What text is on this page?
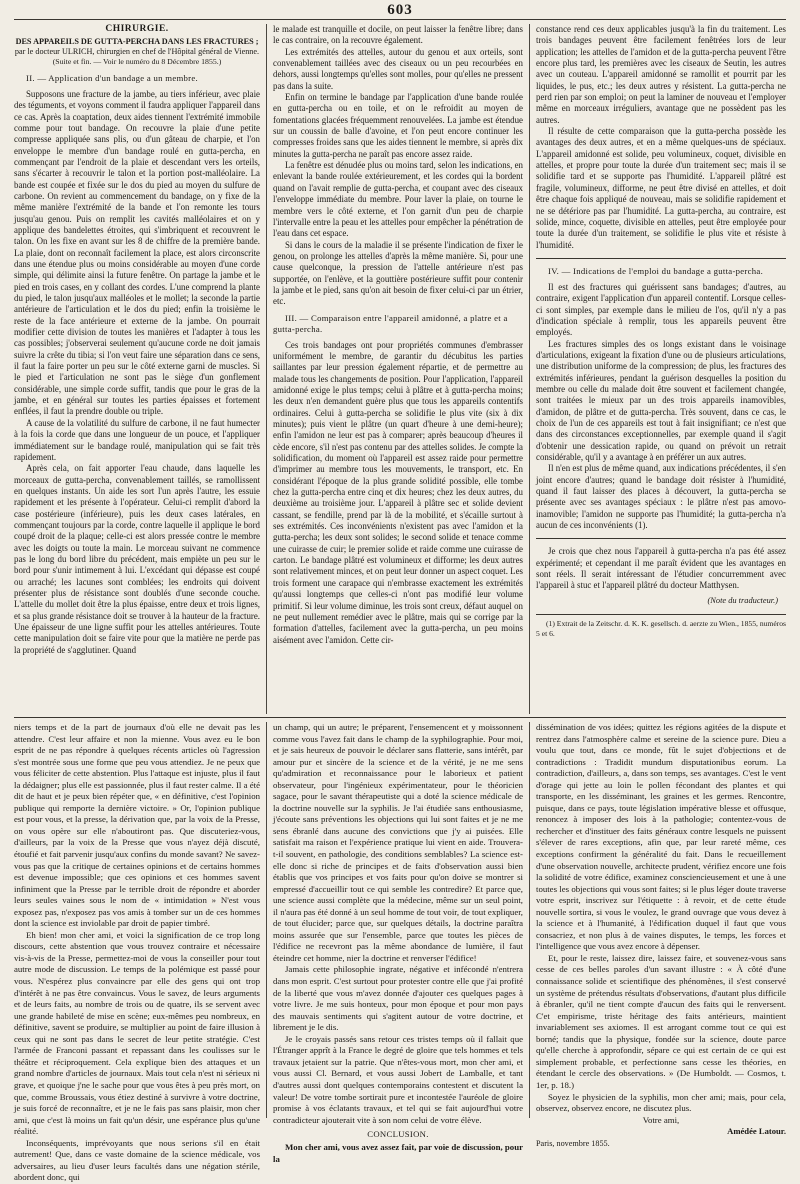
603
CHIRURGIE.
DES APPAREILS DE GUTTA-PERCHA DANS LES FRACTURES ;
par le docteur ULRICH, chirurgien en chef de l'Hôpital général de Vienne.
(Suite et fin. — Voir le numéro du 8 Décembre 1855.)
II. — Application d'un bandage a un membre.

Supposons une fracture de la jambe, au tiers inférieur, avec plaie des téguments, et voyons comment il faudra appliquer l'appareil dans ce cas. Après la coaptation, deux aides tiennent l'extrémité immobile comme pour tout bandage. On recouvre la plaie d'une petite compresse appliquée sans plis, ou d'un gâteau de charpie, et l'on enveloppe le membre d'un bandage roulé en gutta-percha, en commençant par l'endroit de la plaie et descendant vers les orteils, sans s'écarter à recouvrir le talon et la portion post-malléolaire. La bande est coupée et fixée sur le dos du pied au moyen du sulfure de carbone. On revient au commencement du bandage, on y fixe de la même manière l'extrémité de la bande et l'on remonte les tours jusqu'au genou. Puis on remplit les cavités malléolaires et on y applique des bandelettes étroites, qui s'imbriquent et recouvrent le talon. On les fixe en avant sur les 8 de chiffre de la première bande. La plaie, dont on reconnaît facilement la place, est alors circonscrite dans une étendue plus ou moins considérable au moyen d'une corde simple, qui délimite ainsi la future fenêtre. On partage la jambe et le pied en trois cases, en y collant des cordes. L'une comprend la plante du pied, le talon jusqu'aux malléoles et le mollet; la seconde la partie antérieure de l'articulation et le dos du pied; enfin la troisième le reste de la face antérieure et externe de la jambe. On pourrait modifier cette division de toutes les manières et l'adapter à tous les cas possibles; j'observerai seulement qu'aucune corde ne doit jamais suivre la crête du tibia; si l'on veut faire une séparation dans ce sens, il faut la faire porter un peu sur le côté externe garni de muscles. Si le pied et l'articulation ne sont pas le siège d'un gonflement considérable, une simple corde suffit, tandis que pour le gras de la jambe, et en général sur toutes les parties épaisses et fortement enflées, il faut la prendre double ou triple.

A cause de la volatilité du sulfure de carbone, il ne faut humecter à la fois la corde que dans une longueur de un pouce, et l'appliquer immédiatement sur le bandage roulé, manipulation qui se fait très rapidement.

Après cela, on fait apporter l'eau chaude, dans laquelle les morceaux de gutta-percha, convenablement taillés, se ramollissent en quelques instants. Un aide les sort l'un après l'autre, les essuie rapidement et les présente à l'opérateur. Celui-ci remplit d'abord la case postérieure (inférieure), puis les deux cases latérales, en commençant toujours par la corde, contre laquelle il applique le bord coupé droit de la plaque; celle-ci est alors pressée contre le membre avec les doigts ou toute la main. Le morceau suivant ne commence pas le long du bord libre du précédent, mais empiète un peu sur le bord pour s'unir intimement à lui. L'excédant qui dépasse est coupé ou arraché; les lacunes sont comblées; les endroits qui doivent présenter plus de résistance sont doublés d'une seconde couche. L'attelle du mollet doit être la plus épaisse, entre deux et trois lignes, et sa plus grande résistance doit se trouver à la hauteur de la fracture. Une épaisseur de une ligne suffit pour les attelles antérieures. Toute cette manipulation doit se faire vite pour que la matière ne perde pas la propriété de s'agglutiner. Quand

le malade est tranquille et docile, on peut laisser la fenêtre libre; dans le cas contraire, on la recouvre également.

Les extrémités des attelles, autour du genou et aux orteils, sont convenablement taillées avec des ciseaux ou un peu recourbées en dehors, aussi longtemps qu'elles sont molles, pour qu'elles ne pressent pas dans la suite.

Enfin on termine le bandage par l'application d'une bande roulée en gutta-percha ou en toile, et on le refroidit au moyen de fomentations glacées fréquemment renouvelées. La jambe est étendue sur un coussin de balle d'avoine, et l'on peut encore continuer les compresses froides sans que les aides tiennent le membre, si après dix minutes la gutta-percha ne paraît pas encore assez raide.

La fenêtre est dénudée plus ou moins tard, selon les indications, en enlevant la bande roulée extérieurement, et les cordes qui la bordent quand on l'avait remplie de gutta-percha, et coupant avec des ciseaux l'enveloppe immédiate du membre. Pour laver la plaie, on tourne le membre vers le côté externe, et l'on garnit d'un peu de charpie l'intervalle entre la peau et les attelles pour empêcher la pénétration de l'eau dans cet espace.

Si dans le cours de la maladie il se présente l'indication de fixer le genou, on prolonge les attelles d'après la même manière. Si, pour une cause quelconque, la pression de l'attelle antérieure n'est pas supportée, on l'enlève, et la gouttière postérieure suffit pour contenir la jambe et le pied, sans qu'on ait besoin de fixer celui-ci par un étrier, etc.

III. — Comparaison entre l'appareil amidonné, a platre et a gutta-percha.

Ces trois bandages ont pour propriétés communes d'embrasser uniformément le membre, de garantir du décubitus les parties saillantes par leur pression également répartie, et de permettre au malade tous les changements de position. Pour l'application, l'appareil amidonné exige le plus temps; celui à plâtre et à gutta-percha moins; les deux n'en demandent guère plus que tous les appareils contentifs ordinaires. Celui à gutta-percha se solidifie le plus vite (six à dix minutes); puis vient le plâtre (un quart d'heure à une demi-heure); enfin l'amidon ne leur est pas à comparer; après beaucoup d'heures il cède encore, s'il n'est pas contenu par des attelles solides. Je compte la solidification, du moment où l'appareil est assez raide pour permettre d'imprimer au membre tous les mouvements, le transport, etc. En considérant l'époque de la plus grande solidité possible, elle tombe chez la gutta-percha entre cinq et dix heures; chez les deux autres, du deuxième au troisième jour. L'appareil à plâtre sec et solide devient cassant, se fendille, prend par là de la mobilité, et s'écaille surtout à ses extrémités. Ces inconvénients n'existent pas avec l'amidon et la gutta-percha; les deux sont solides; le second solide et tenace comme une cuirasse de cuir; le premier solide et raide comme une cuirasse de carton. Le bandage plâtré est volumineux et difforme; les deux autres sont relativement minces, et on peut leur donner un aspect coquet. Les trois forment une carapace qui n'embrasse exactement les extrémités qu'aussi longtemps que celles-ci n'ont pas modifié leur volume primitif. Si leur volume diminue, les trois sont creux, défaut auquel on ne peut nullement remédier avec le plâtre, mais qui se corrige par la formation d'attelles, facilement avec la gutta-percha, un peu moins aisément avec l'amidon. Cette cir-

constance rend ces deux applicables jusqu'à la fin du traitement. Les trois bandages peuvent être facilement fenêtrées lors de leur application; les attelles de l'amidon et de la gutta-percha peuvent l'être encore plus tard, les premières avec les ciseaux de Seutin, les autres avec un couteau. L'appareil amidonné se ramollit et pourrit par les liquides, le pus, etc.; les deux autres y résistent. La gutta-percha ne perd rien par son emploi; on peut la laminer de nouveau et l'employer même en morceaux irréguliers, avantage que ne possèdent pas les autres.

Il résulte de cette comparaison que la gutta-percha possède les avantages des deux autres, et en a même quelques-uns de spéciaux. L'appareil amidonné est solide, peu volumineux, coquet, divisible en attelles, et propre pour toute la durée d'un traitement sec; mais il se solidifie tard et se supporte pas l'humidité. L'appareil plâtré est fragile, volumineux, difforme, ne peut être divisé en attelles, et doit être chaque fois appliqué de nouveau, mais se solidifie rapidement et ne se détériore pas par l'humidité. La gutta-percha, au contraire, est solide, mince, coquette, divisible en attelles, peut être employée pour toute la durée d'un traitement, se solidifie le plus vite et résiste à l'humidité.

IV. — Indications de l'emploi du bandage a gutta-percha.

Il est des fractures qui guérissent sans bandages; d'autres, au contraire, exigent l'application d'un appareil contentif. Lorsque celles-ci sont simples, par exemple dans le milieu de l'os, qu'il n'y a pas d'indication spéciale à remplir, tous les appareils peuvent être employés.

Les fractures simples des os longs existant dans le voisinage d'articulations, exigeant la fixation d'une ou de plusieurs articulations, une distribution uniforme de la compression; de plus, les fractures des extrémités inférieures, pendant la guérison desquelles la position du membre ou celle du malade doit être souvent et facilement changée, sont traitées le mieux par un des trois appareils inamovibles, d'amidon, de plâtre et de gutta-percha. Très souvent, dans ce cas, le choix de l'un de ces appareils est tout à fait insignifiant; ce n'est que dans des circonstances exceptionnelles, par exemple quand il s'agit d'obtenir une dessication rapide, ou quand on prévoit un retrait considérable, qu'il y a avantage à en préférer un aux autres.

Il n'en est plus de même quand, aux indications précédentes, il s'en joint encore d'autres; quand le bandage doit résister à l'humidité, quand il faut laisser des places à découvert, la gutta-percha se présente avec ses avantages spéciaux : le plâtre n'est pas amovo-inamovible; l'amidon ne supporte pas l'humidité; la gutta-percha n'a aucun de ces inconvénients (1).

Je crois que chez nous l'appareil à gutta-percha n'a pas été assez expérimenté; et cependant il me paraît évident que les avantages en sont réels. Il serait intéressant de l'étudier concurremment avec l'appareil à stuc et l'appareil plâtré du docteur Matthysen.

(Note du traducteur.)
(1) Extrait de la Zeitschr. d. K. K. gesellsch. d. aerzte zu Wien., 1855, numéros 5 et 6.

niers temps et de la part de journaux d'où elle ne devait pas les attendre. C'est leur affaire et non la mienne. Vous avez eu le bon esprit de ne pas répondre à quelques récents articles où l'agression s'est montrée sous une forme que peu vous attendiez. Je ne peux que vous féliciter de cette abstention. Plus l'attaque est injuste, plus il faut la dédaigner; plus elle est passionnée, plus il faut rester calme. Il a été dit de haut et je peux bien répéter que, « en définitive, c'est l'opinion publique qui remporte la dernière victoire. » Or, l'opinion publique est pour vous, et la presse, la dérivation que, par la voix de la Presse, on vous opère sur elle n'aboutiront pas. Que discuteriez-vous, d'ailleurs, par la voix de la Presse que vous n'ayez déjà discuté, étoufié et fait parvenir jusqu'aux confins du monde savant? Ne savez-vous pas que la critique de certaines opinions et de certains hommes est devenue impossible; que ces opinions et ces hommes savent infiniment que la Presse par le terrible droit de répondre et aborder leurs seules vaines sous le nom de « intimidation » N'est vous exposez pas, n'exposez pas vos amis à tomber sur un de ces hommes dont la science est inviolable par droit de papier timbré.

Eh bien! mon cher ami, et voici la signification de ce trop long discours, cette abstention que vous trouvez contraire et nécessaire vis-à-vis de la Presse, permettez-moi de vous la conseiller pour tout autre mode de discussion. Le temps de la polémique est passé pour vous. N'espérez plus convaincre par elle des gens qui ont trop d'intérêt à ne pas être convaincus. Vous le savez, de leurs arguments et de leurs faits, au nombre de trois ou de quatre, ils se servent avec une grande habileté de mise en scène; eux-mêmes peu nombreux, en définitive, savent se produire, se multiplier au point de faire illusion à ceux qui ne sont pas dans le secret de leur petite stratégie. C'est l'armée de Franconi passant et repassant dans les coulisses sur le théâtre et réciproquement. Cela explique bien des attaques et un grand nombre d'articles de journaux. Mais tout cela n'est ni sérieux ni grave, et quoique j'ne le sache pour que vous êtes à peu près mort, on que, comme Broussais, vous étiez destiné à survivre à votre doctrine, je suis forcé de reconnaître, et je ne le fais pas sans plaisir, mon cher ami, que c'est là moins un fait qu'un désir, une espérance plus qu'une réalité.

Inconséquents, imprévoyants que nous serions s'il en était autrement! Que, dans ce vaste domaine de la science médicale, vos adversaires, au lieu d'user leurs facultés dans une négation stérile, abordent donc, qui

un champ, qui un autre; le préparent, l'ensemencent et y moissonnent comme vous l'avez fait dans le champ de la syphilographie. Pour moi, et je sais heureux de pouvoir le déclarer sans flatterie, sans intérêt, par amour pur et sincère de la science et de la vérité, je ne me sens qu'admiration et reconnaissance pour le laborieux et patient observateur, pour l'ingénieux expérimentateur, pour le théoricien sagace, pour le savant thérapeutiste qui a doté la science médicale de la doctrine nouvelle sur la syphilis. Je l'ai étudiée sans enthousiasme, j'écoute sans préventions les objections qui lui sont faites et je ne me sens ébranlé dans aucune des convictions que j'y ai puisées. Elle satisfait ma raison et l'expérience pratique lui vient en aide. Trouvera-t-il souvent, en pathologie, des conditions semblables? La science est-elle donc si riche de principes et de faits d'observation aussi bien établis que vos principes et vos faits pour qu'on doive se montrer si empressé d'accueillir tout ce qui semble les contredire? Et parce que, une science aussi complète que la médecine, même sur un seul point, il n'aura pas été donné à un seul homme de tout voir, de tout expliquer, de tout élucider; parce que, sur quelques détails, la doctrine paraîtra moins assurée que sur l'ensemble, parce que toutes les pièces de l'édifice ne recevront pas la même abondance de lumière, il faut éteindre cet homme, nier la doctrine et renverser l'édifice!

Jamais cette philosophie ingrate, négative et infécondé n'entrera dans mon esprit. C'est surtout pour protester contre elle que j'ai profité de la liberté que vous m'avez donnée d'ajouter ces quelques pages à votre livre. Je me suis honteux, pour mon époque et pour mon pays des mauvais sentiments qui s'agitent autour de votre doctrine, et librement je le dis.

Je le croyais passés sans retour ces tristes temps où il fallait que l'Étranger apprît à la France le degré de gloire que tels hommes et tels travaux jetaient sur la patrie. Que n'êtes-vous mort, mon cher ami, et vous aussi Cl. Bernard, et vous aussi Jobert de Lamballe, et tant d'autres aussi dont quelques contemporains contestent et discutent la valeur! De votre tombe sortirait pure et incontestée l'auréole de gloire promise à vos éclatants travaux, et tel qui se fait aujourd'hui votre contradicteur ajouterait vite à son nom celui de votre élève.

CONCLUSION.

Mon cher ami, vous avez assez fait, par voie de discussion, pour la

dissémination de vos idées; quittez les régions agitées de la dispute et rentrez dans l'atmosphère calme et sereine de la science pure. Dieu a voulu que tout, dans ce monde, fût le sujet d'objections et de contradictions : Tradidit mundum disputationibus eorum. La contradiction, d'ailleurs, a, dans son temps, ses avantages. C'est le vent d'orage qui jette au loin le pollen fécondant des plantes et qui transporte, en les disséminant, les graines et les germes. Rencontre, puisque, dans ce pays, toute législation impérative blesse et offusque, renoncez à imposer des lois à la pathologie; contentez-vous de rechercher et d'instituer des faits généraux contre lesquels ne puissent s'élever de rares exceptions, afin que, par leur rareté même, ces exceptions confirment la généralité du fait. Dans le recueillement d'une observation nouvelle, architecte prudent, vérifiez encore une fois la solidité de votre édifice, examinez consciencieusement et une à une toutes les objections qui vous sont faites; si le plus léger doute traverse votre esprit, inscrivez sur l'étiquette : à revoir, et de cette étude nouvelle sortira, si vous le voulez, le grand ouvrage que vous devez à la science et à l'humanité, à l'édification duquel il faut que vous consacriez, et non plus à de vaines disputes, le temps, les forces et l'intelligence que vous avez encore à dépenser.

Et, pour le reste, laissez dire, laissez faire, et souvenez-vous sans cesse de ces belles paroles d'un savant illustre : « À côté d'une connaissance solide et scientifique des phénomènes, il s'est conservé un système de prétendus résultats d'observations, d'autant plus difficile à ébranler, qu'il ne tient compte d'aucun des faits qui le renversent. C'et empirisme, triste héritage des faits antérieurs, maintient invariablement ses axiomes. Il est arrogant comme tout ce qui est borné; tandis que la physique, fondée sur la science, doute parce qu'elle cherche à approfondir, sépare ce qui est certain de ce qui est simplement probable, et perfectionne sans cesse les théories, en étendant le cercle des observations. » (De Humboldt. — Cosmos, t. 1er, p. 18.)

Soyez le physicien de la syphilis, mon cher ami; mais, pour cela, observez, observez encore, ne discutez plus.

Votre ami,

Amédée Latour.
Paris, novembre 1855.
